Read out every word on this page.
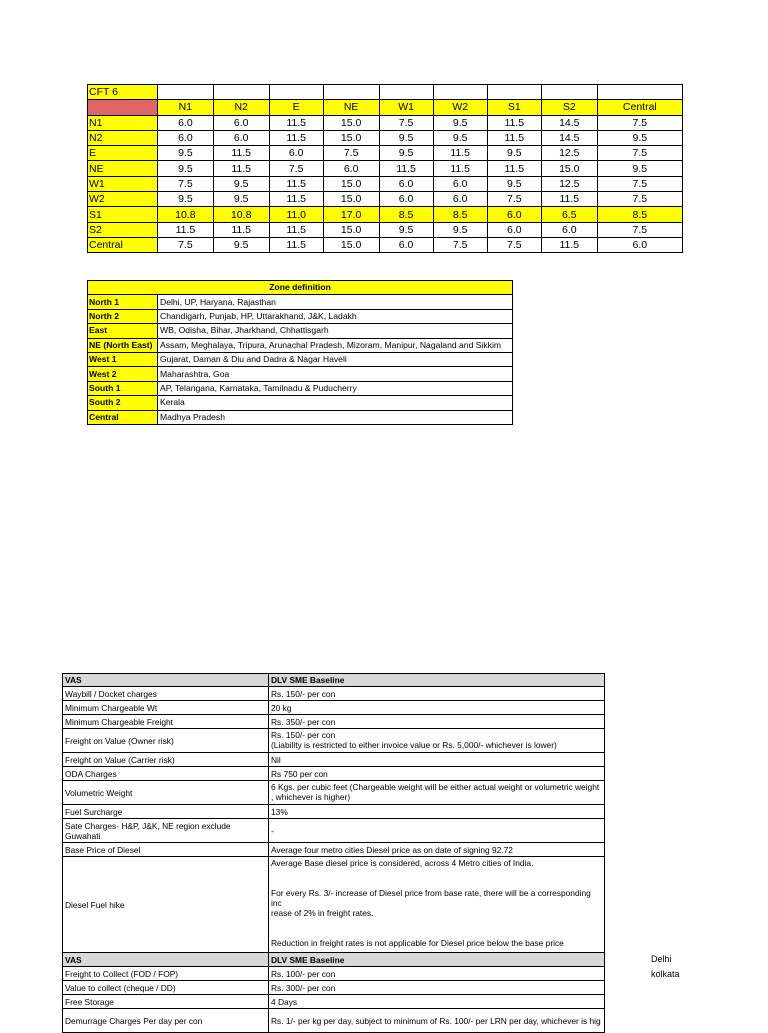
CFT 6									
	N1	N2	E	NE	W1	W2	S1	S2	Central
N1	6.0	6.0	11.5	15.0	7.5	9.5	11.5	14.5	7.5
N2	6.0	6.0	11.5	15.0	9.5	9.5	11.5	14.5	9.5
E	9.5	11.5	6.0	7.5	9.5	11.5	9.5	12.5	7.5
NE	9.5	11.5	7.5	6.0	11.5	11.5	11.5	15.0	9.5
W1	7.5	9.5	11.5	15.0	6.0	6.0	9.5	12.5	7.5
W2	9.5	9.5	11.5	15.0	6.0	6.0	7.5	11.5	7.5
S1	10.8	10.8	11.0	17.0	8.5	8.5	6.0	6.5	8.5
S2	11.5	11.5	11.5	15.0	9.5	9.5	6.0	6.0	7.5
Central	7.5	9.5	11.5	15.0	6.0	7.5	7.5	11.5	6.0
Zone definition	
North 1	Delhi, UP, Haryana, Rajasthan
North 2	Chandigarh, Punjab, HP, Uttarakhand, J&K, Ladakh
East	WB, Odisha, Bihar, Jharkhand, Chhattisgarh
NE (North East)	Assam, Meghalaya, Tripura, Arunachal Pradesh, Mizoram, Manipur, Nagaland and Sikkim
West 1	Gujarat, Daman & Diu and Dadra & Nagar Haveli
West 2	Maharashtra, Goa
South 1	AP, Telangana, Karnataka, Tamilnadu & Puducherry
South 2	Kerala
Central	Madhya Pradesh
VAS	DLV SME Baseline
Waybill / Docket charges	Rs. 150/- per con
Minimum Chargeable Wt	20 kg
Minimum Chargeable Freight	Rs. 350/- per con
Freight on Value (Owner risk)	Rs. 150/- per con
(Liability is restricted to either invoice value or Rs. 5,000/- whichever is lower)
Freight on Value (Carrier risk)	Nil
ODA Charges	Rs 750 per con
Volumetric Weight	6 Kgs. per cubic feet (Chargeable weight will be either actual weight or volumetric weight
, whichever is higher)
Fuel Surcharge	13%
Sate Charges- H&P, J&K, NE region exclude Guwahati	-
Base Price of Diesel	Average four metro cities Diesel price as on date of signing 92.72
Diesel Fuel hike	Average Base diesel price is considered, across 4 Metro cities of India.

For every Rs. 3/- increase of Diesel price from base rate, there will be a corresponding inc
rease of 2% in freight rates.

Reduction in freight rates is not applicable for Diesel price below the base price
VAS	DLV SME Baseline
Freight to Collect (FOD / FOP)	Rs. 100/- per con
Value to collect (cheque / DD)	Rs. 300/- per con
Free Storage	4 Days
Demurrage Charges Per day per con	Rs. 1/- per kg per day, subject to minimum of Rs. 100/- per LRN per day, whichever is hig
Delhi
kolkata
